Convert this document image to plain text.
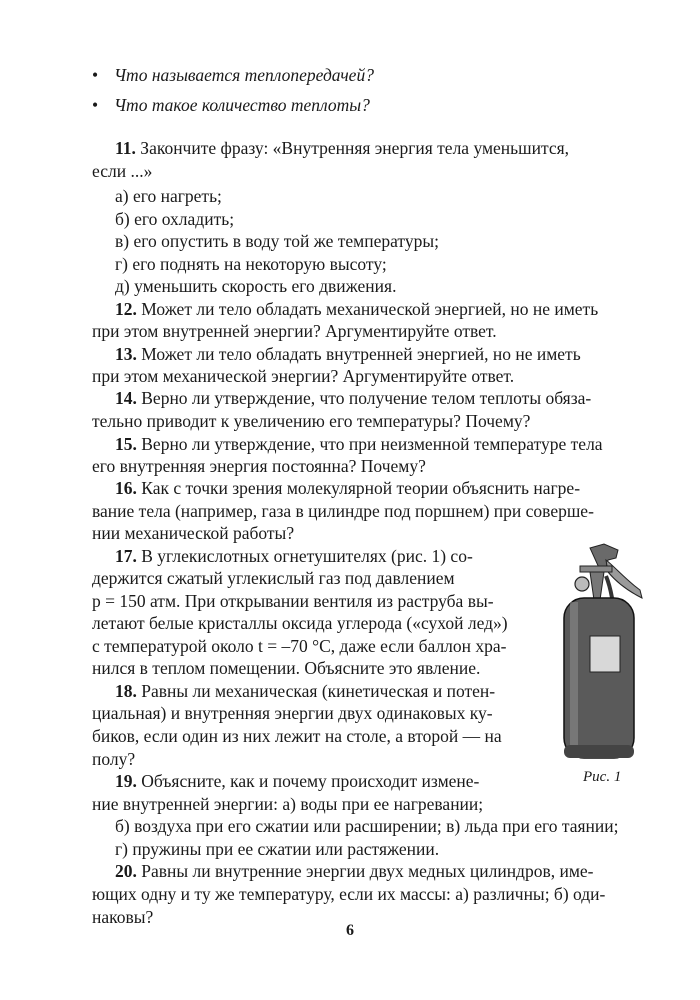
• Что называется теплопередачей?
• Что такое количество теплоты?
11. Закончите фразу: «Внутренняя энергия тела уменьшится,
если ...»
а) его нагреть;
б) его охладить;
в) его опустить в воду той же температуры;
г) его поднять на некоторую высоту;
д) уменьшить скорость его движения.
12. Может ли тело обладать механической энергией, но не иметь
при этом внутренней энергии? Аргументируйте ответ.
13. Может ли тело обладать внутренней энергией, но не иметь
при этом механической энергии? Аргументируйте ответ.
14. Верно ли утверждение, что получение телом теплоты обяза-
тельно приводит к увеличению его температуры? Почему?
15. Верно ли утверждение, что при неизменной температуре тела
его внутренняя энергия постоянна? Почему?
16. Как с точки зрения молекулярной теории объяснить нагре-
вание тела (например, газа в цилиндре под поршнем) при соверше-
нии механической работы?
17. В углекислотных огнетушителях (рис. 1) со-
держится сжатый углекислый газ под давлением
p = 150 атм. При открывании вентиля из раструба вы-
летают белые кристаллы оксида углерода («сухой лед»)
с температурой около t = –70 °С, даже если баллон хра-
нился в теплом помещении. Объясните это явление.
18. Равны ли механическая (кинетическая и потен-
циальная) и внутренняя энергии двух одинаковых ку-
биков, если один из них лежит на столе, а второй — на
полу?
19. Объясните, как и почему происходит измене-
ние внутренней энергии: а) воды при ее нагревании;
б) воздуха при его сжатии или расширении; в) льда при его таянии;
г) пружины при ее сжатии или растяжении.
20. Равны ли внутренние энергии двух медных цилиндров, име-
ющих одну и ту же температуру, если их массы: а) различны; б) оди-
наковы?
Рис. 1
6
